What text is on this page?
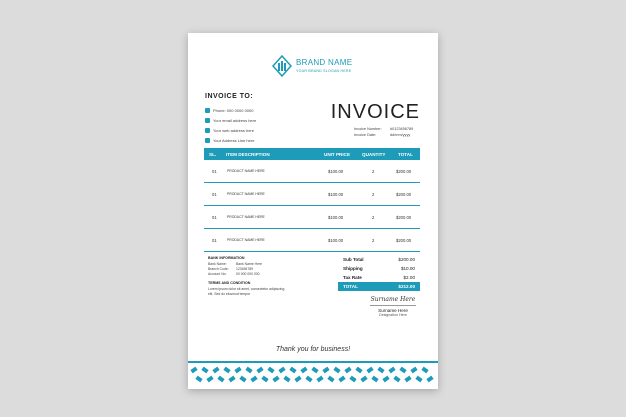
BRAND NAME
YOUR BRAND SLOGAN HERE
INVOICE TO:
Phone: 000 0000 0000
Your email address here
Your web address here
Your Address Line here
INVOICE
Invoice Number:	#0123456789
Invoice Date:	dd/mm/yyyy
SL. ITEM DESCRIPTION	UNIT PRICE	QUANTITY	TOTAL
01	PRODUCT NAME HERE	$100.00	2	$200.00
01	PRODUCT NAME HERE	$100.00	2	$200.00
01	PRODUCT NAME HERE	$100.00	2	$200.00
01	PRODUCT NAME HERE	$100.00	2	$200.00
BANK INFORMATION
Bank Name:	Bank Name Here
Branch Code:	123456789
Account No:	00 000 000 000
TERMS AND CONDITION
Lorem ipsum dolor sit amet, consectetur adipiscing elit. Sed do eiusmod tempor
Sub Total	$200.00
Shipping	$10.00
Tax Rate	$2.00
TOTAL	$212.00
Surname Here
Surname Here
Designation Here
Thank you for business!
